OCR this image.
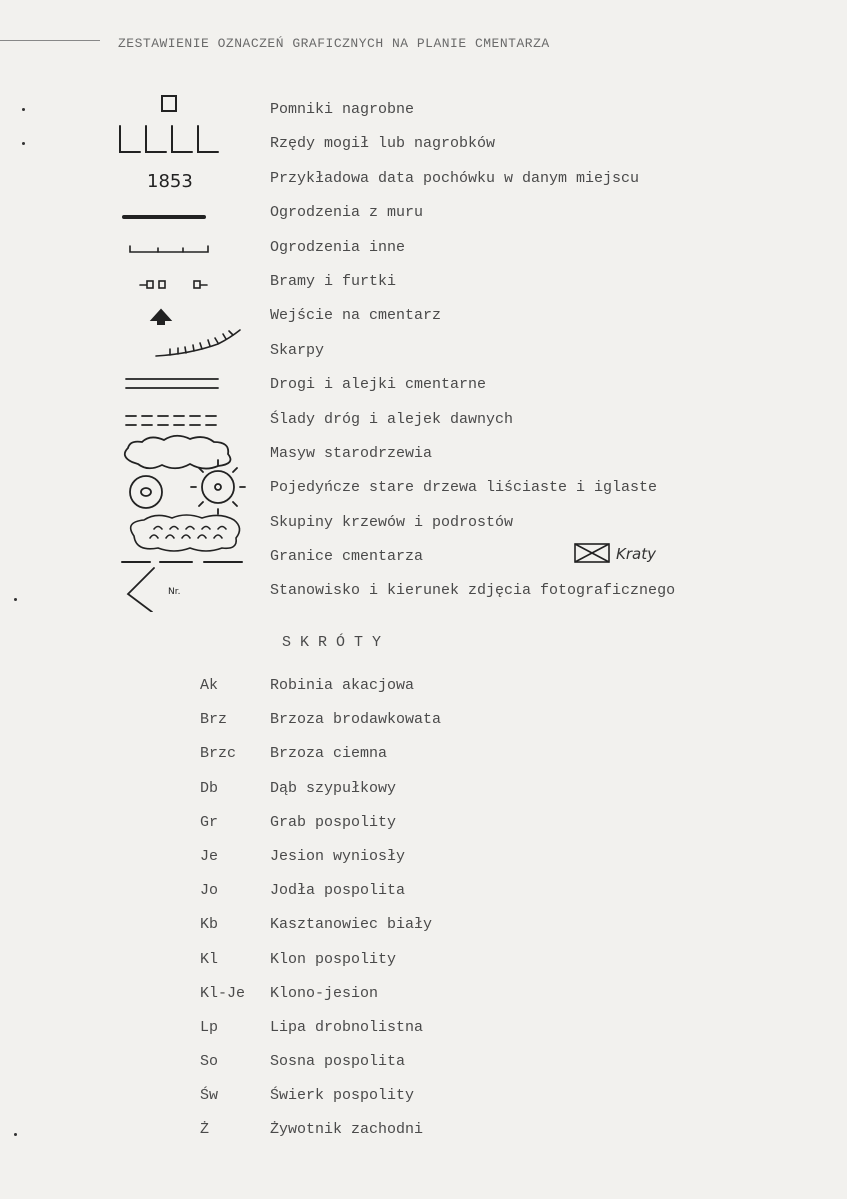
ZESTAWIENIE OZNACZEŃ GRAFICZNYCH NA PLANIE CMENTARZA
1853
Nr.
Pomniki nagrobne
Rzędy mogił lub nagrobków
Przykładowa data pochówku w danym miejscu
Ogrodzenia z muru
Ogrodzenia inne
Bramy i furtki
Wejście na cmentarz
Skarpy
Drogi i alejki cmentarne
Ślady dróg i alejek dawnych
Masyw starodrzewia
Pojedyńcze stare drzewa liściaste i iglaste
Skupiny krzewów i podrostów
Granice cmentarza
Stanowisko i kierunek zdjęcia fotograficznego
Kraty
SKRÓTY
Ak	Robinia akacjowa
Brz	Brzoza brodawkowata
Brzc	Brzoza ciemna
Db	Dąb szypułkowy
Gr	Grab pospolity
Je	Jesion wyniosły
Jo	Jodła pospolita
Kb	Kasztanowiec biały
Kl	Klon pospolity
Kl-Je	Klono-jesion
Lp	Lipa drobnolistna
So	Sosna pospolita
Św	Świerk pospolity
Ż	Żywotnik zachodni
